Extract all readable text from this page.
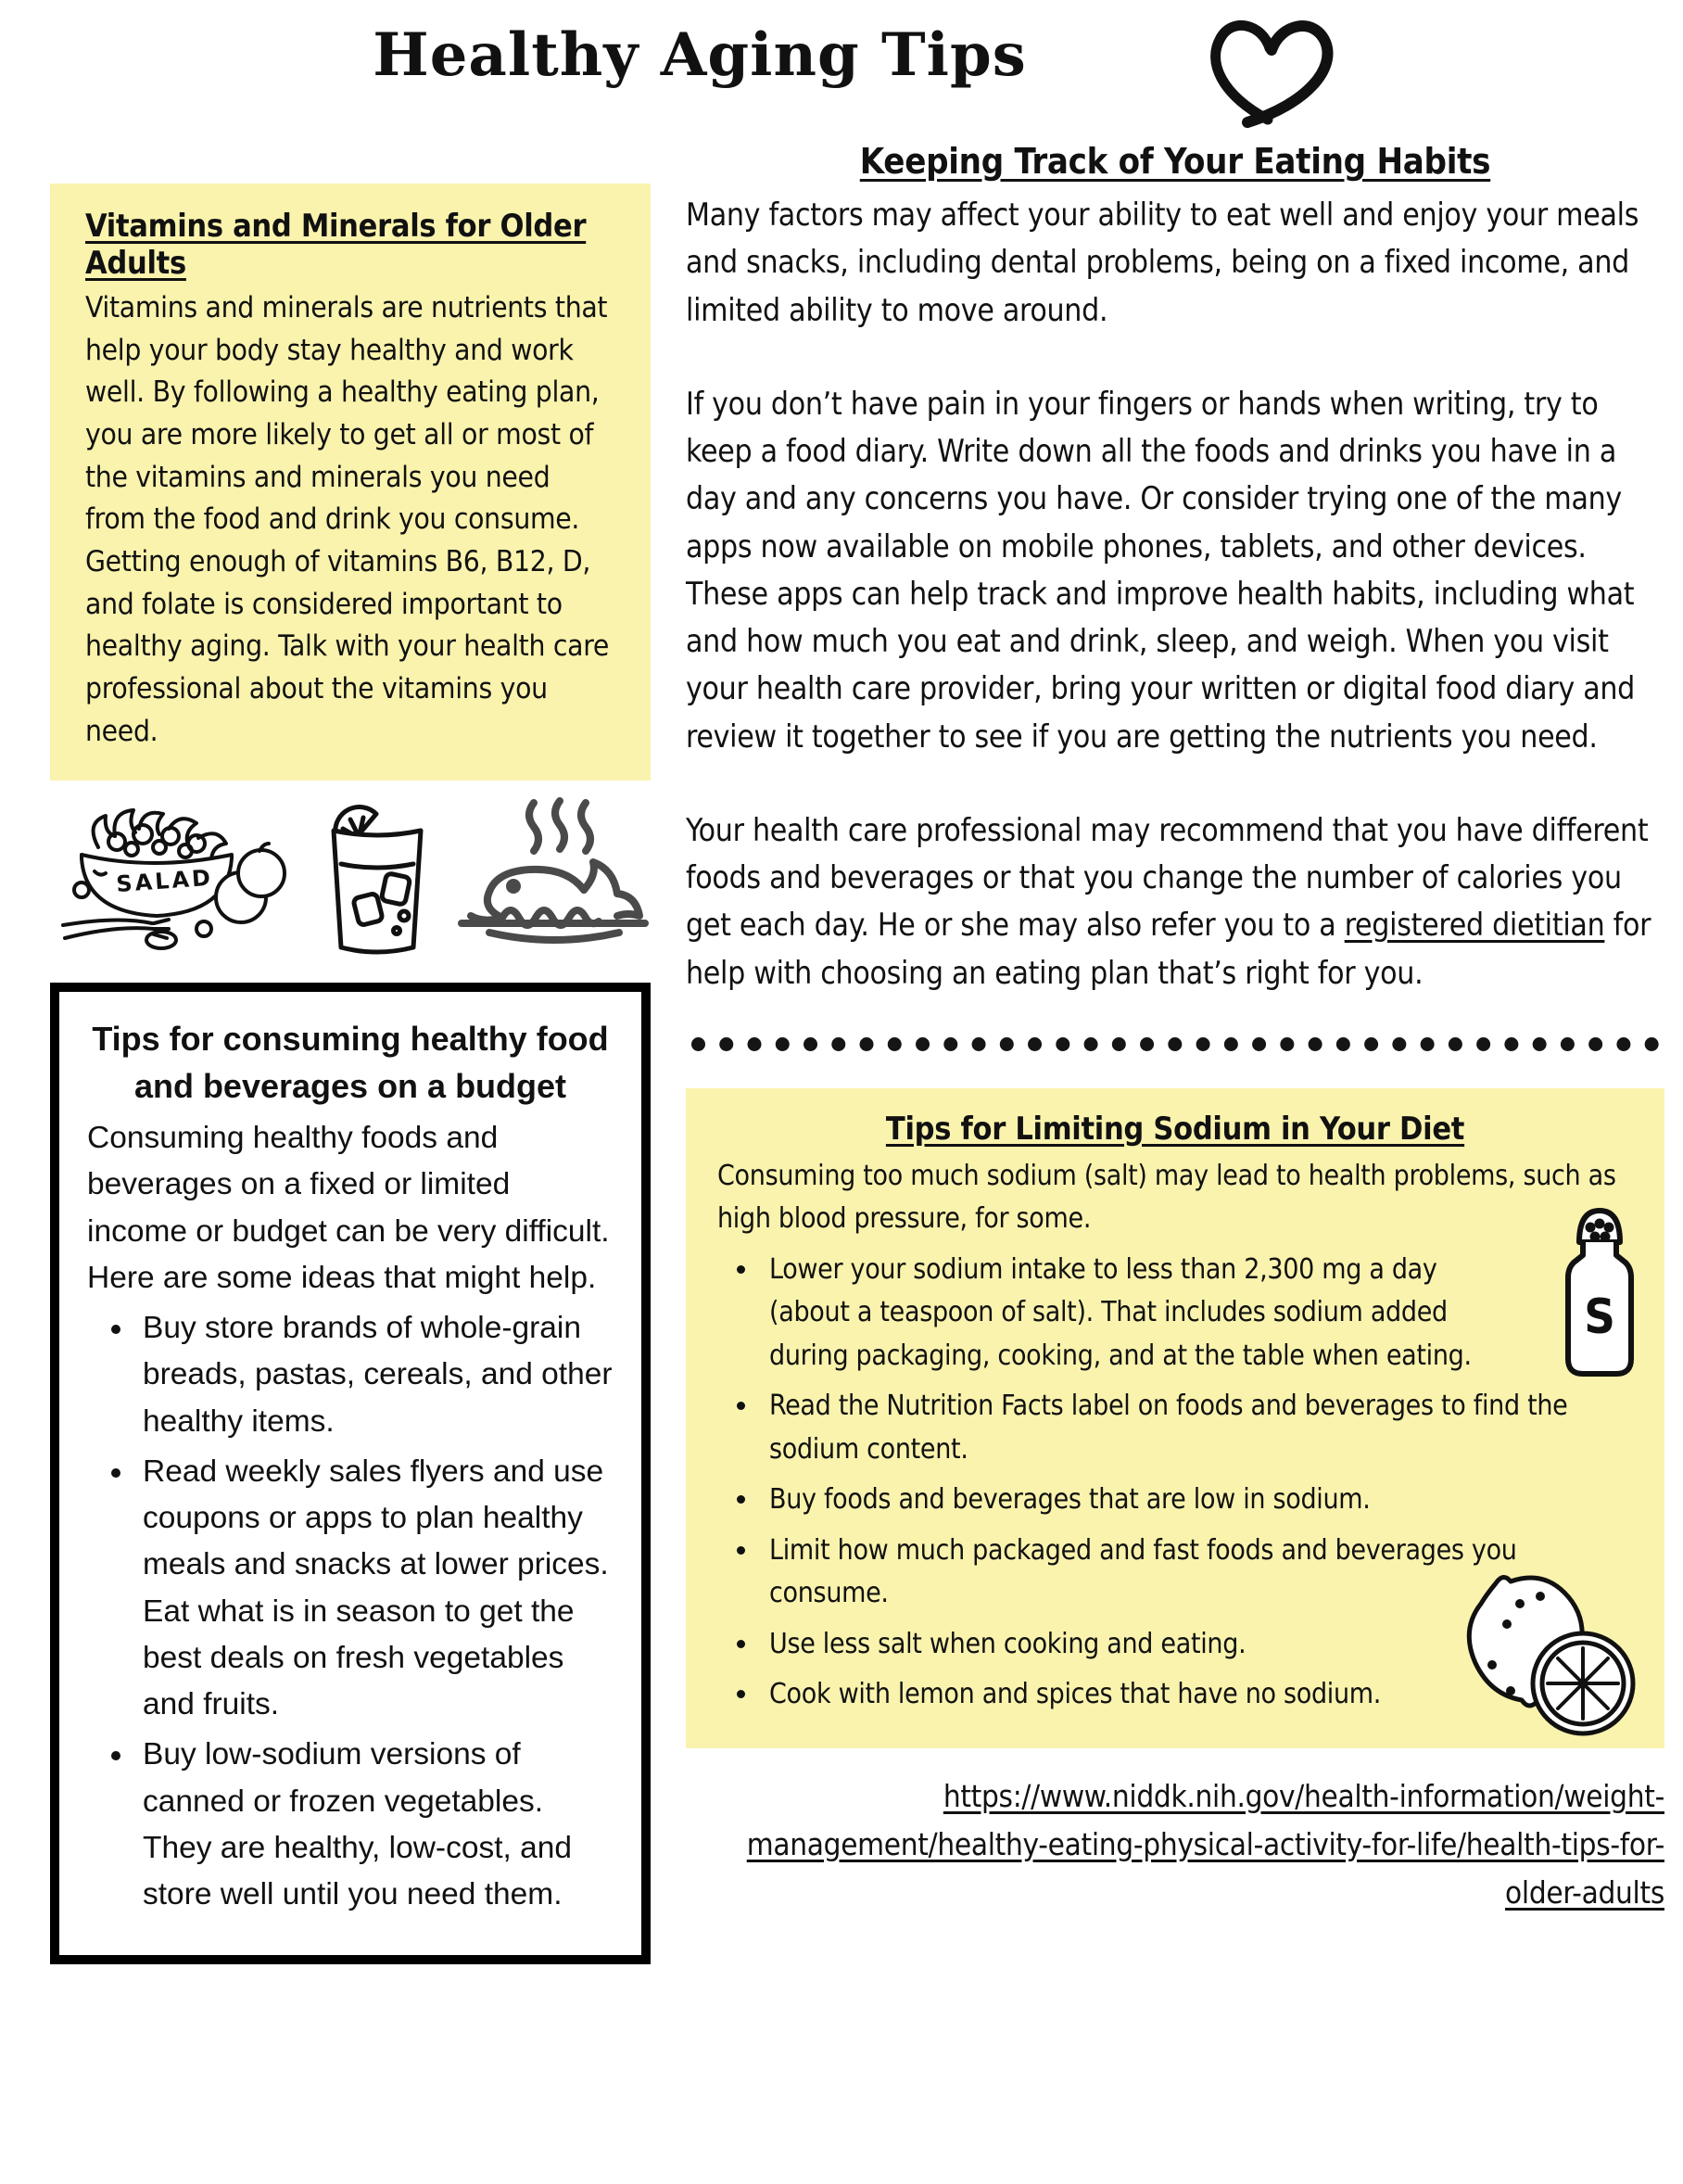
Healthy Aging Tips
Vitamins and Minerals for Older Adults

Vitamins and minerals are nutrients that help your body stay healthy and work well. By following a healthy eating plan, you are more likely to get all or most of the vitamins and minerals you need from the food and drink you consume.

Getting enough of vitamins B6, B12, D, and folate is considered important to healthy aging. Talk with your health care professional about the vitamins you need.

SALAD
Tips for consuming healthy food and beverages on a budget

Consuming healthy foods and beverages on a fixed or limited income or budget can be very difficult. Here are some ideas that might help.

• Buy store brands of whole-grain breads, pastas, cereals, and other healthy items.
• Read weekly sales flyers and use coupons or apps to plan healthy meals and snacks at lower prices. Eat what is in season to get the best deals on fresh vegetables and fruits.
• Buy low-sodium versions of canned or frozen vegetables. They are healthy, low-cost, and store well until you need them.
Keeping Track of Your Eating Habits

Many factors may affect your ability to eat well and enjoy your meals and snacks, including dental problems, being on a fixed income, and limited ability to move around.

If you don’t have pain in your fingers or hands when writing, try to keep a food diary. Write down all the foods and drinks you have in a day and any concerns you have. Or consider trying one of the many apps now available on mobile phones, tablets, and other devices. These apps can help track and improve health habits, including what and how much you eat and drink, sleep, and weigh. When you visit your health care provider, bring your written or digital food diary and review it together to see if you are getting the nutrients you need.

Your health care professional may recommend that you have different foods and beverages or that you change the number of calories you get each day. He or she may also refer you to a registered dietitian for help with choosing an eating plan that’s right for you.

Tips for Limiting Sodium in Your Diet

Consuming too much sodium (salt) may lead to health problems, such as high blood pressure, for some.

• Lower your sodium intake to less than 2,300 mg a day (about a teaspoon of salt). That includes sodium added during packaging, cooking, and at the table when eating.
• Read the Nutrition Facts label on foods and beverages to find the sodium content.
• Buy foods and beverages that are low in sodium.
• Limit how much packaged and fast foods and beverages you consume.
• Use less salt when cooking and eating.
• Cook with lemon and spices that have no sodium.
S
https://www.niddk.nih.gov/health-information/weight-management/healthy-eating-physical-activity-for-life/health-tips-for-older-adults
